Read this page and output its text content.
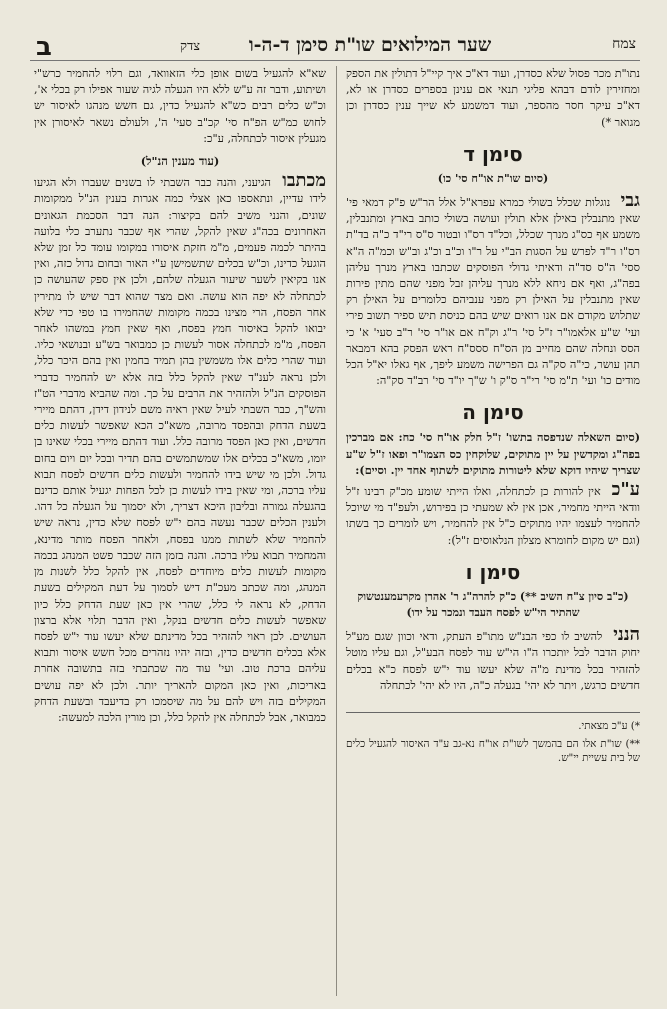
ב	שער המילואים שו"ת סימן ד-ה-ו	צמח
צדק

נתו"ת מכר פסול שלא כסדרן, ועוד דא"כ איך קיי"ל דתולין את הספק ומחזירין לודם דבהא פליגי תנאי אם ענינן בספרים כסדרן או לא, דא"כ עיקר חסר מהספר, ועוד דמשמע לא שייך ענין כסדרן וכן מגואר *)

סימן ד
(סיום שו"ת או"ח סי' כו)

גבי נוגלות שכלל בשולי כמרא עפרא"ל אלל הר"ש פ"ק דמאי פי' שאין מתנבלין באילן אלא תולין ועושה בשולי כותב בארץ ומתנבלין, משמע אף כס"ג מנרך שכלל, וכל"ד רס"ו ובטור ס"ס רי"ד כ"ה בד"ת רס"ו ר"ד לפרש על הסגות הב"י על ר"ו וכ"ב וכ"ג וב"ש וכמ"ה ה"א ססי' ה"ס סד"ה ודאיתי גדולי הפוסקים שכתבו בארץ מנרך עליהן בפה"ג, ואף אם ניחא ללא מנרך עליהן זבל מפני שהם מתין פירות שאין מתנבלין על האילן רק מפני ענביהם כלומרים על האילן רק שתלוש מקודם אם אנו רואים שיש בהם כניסת תיש ספיר תשוב פירי ועי' ש"ע אלאמו"ר ז"ל סי' ר"ג וק"ח אם או"ר סי' ר"ב סעי' א' כי הסס ונחלה שהם מחייב מן הס"ח ססס"ח ראש הפסק בהא דמבאר תהן עושר, כי"ה סק"ה גם הפרישה משמע ליפך, אף גאלו יא"ל הכל מודים כו' ועי' ת"מ סי' רי"ר ס"ק ו' ש"ך יו"ד סי' רב"ד סק"ה:

סימן ה

(סיום השאלה שנדפסה בתשו' ז"ל חלק או"ח סי' כח: אם מברכין בפה"ג ומקדשין על יין מתוקים, שלוקחין כס הצמו"ר ופאו ז"ל ש"ע שצריך שיהיו דוקא שלא ליטורות מתוקים לשתוף אחד יין. וסיים):

ע"כ אין להורות כן לכתחלה, ואלו הייתי שומע מכ"ק רבינו ז"ל וודאי הייתי מחמיר, אכן אין לא שמעתי כן בפירוש, ולעפ"ד מי שיוכל להחמיר לעצמו יהיו מתוקים כ"ל אין להחמיר, ויש לומרים כך בשתו (וגם יש מקום לחומרא מצלון הנלאוסים ז"ל):

סימן ו
(כ"ב סיון צ"ח השיב **) כ"ק להרה"ג ר' אהרן מקרעמענטשוק שהתיר הי"ש לפסח העבד ונמכר על ידו)

הנני להשיב לו כפי הבנ"ש מתו"פ העתק, ודאי וכוון שגם מע"ל יחוק הדבר לבל יותכרו ה"ו הי"ש עוד לפסח הבע"ל, וגם עליו מוטל להזהיר בכל מדינת מ"ה שלא יעשו עוד י"ש לפסח כ"א בכלים חדשים כרגש, ויתר לא יהי' בגעלה כ"ה, היו לא יהי' לכתחלה

*) ע"כ מצאתי.

**) שו"ת אלו הם בהמשך לשו"ת או"ח נא-גב ע"ד האיסור להגעיל כלים של בית עשיית יי"ש.

שא"א להגעיל בשום אופן כלי הזאוואד, וגם רלוי להחמיר כרש"י ושיתוע, ודבר זה ע"ש ללא היו הגעלה לגיה שעור אפילו רק בכלי א', וכ"ש כלים רבים כש"א להגעיל כדין, גם חשש מנהגו לאיסור יש לחוש כמ"ש הפ"ח סי' קכ"ב סעי' ה', ולעולם נשאר לאיסורן אין מגעלין איסור לכתחלה, ע"כ:

(עוד מענין הנ"ל)

מכתבו הגיעני, והנה כבר השבתי לו בשנים שעברו ולא הגיעו לידו עדיין, ונתאספו כאן אצלי כמה אגרות בענין הנ"ל ממקומות שונים, והנני משיב להם בקיצור: הנה דבר הסכמת הגאונים האחרונים בכה"ג שאין להקל, שהרי אף שכבר נתערב כלי בלועה בהיתר לכמה פעמים, מ"מ חזקת איסורו במקומו עומד כל זמן שלא הוגעל כדינו, וכ"ש בכלים שתשמישן ע"י האור ובחום גדול כזה, ואין אנו בקיאין לשער שיעור הגעלה שלהם, ולכן אין ספק שהעושה כן לכתחלה לא יפה הוא עושה. ואם מצד שהוא דבר שיש לו מתירין אחר הפסח, הרי מצינו בכמה מקומות שהחמירו בו טפי כדי שלא יבואו להקל באיסור חמץ בפסח, ואף שאין חמץ במשהו לאחר הפסח, מ"מ לכתחלה אסור לעשות כן כמבואר בש"ע ובנושאי כליו. ועוד שהרי כלים אלו משמשין בהן תמיד בחמין ואין בהם היכר כלל, ולכן נראה לענ"ד שאין להקל כלל בזה אלא יש להחמיר כדברי הפוסקים הנ"ל ולהזהיר את הרבים על כך. ומה שהביא מדברי הט"ז והש"ך, כבר השבתי לעיל שאין ראיה משם לנידון דידן, דהתם מיירי בשעת הדחק ובהפסד מרובה, משא"כ הכא שאפשר לעשות כלים חדשים, ואין כאן הפסד מרובה כלל. ועוד דהתם מיירי בכלי שאינו בן יומו, משא"כ בכלים אלו שמשתמשים בהם תדיר ובכל יום ויום בחום גדול. ולכן מי שיש בידו להחמיר ולעשות כלים חדשים לפסח תבוא עליו ברכה, ומי שאין בידו לעשות כן לכל הפחות יגעיל אותם כדינם בהגעלה גמורה ובליבון היכא דצריך, ולא יסמוך על הגעלה כל דהו. ולענין הכלים שכבר נעשה בהם י"ש לפסח שלא כדין, נראה שיש להחמיר שלא לשתות ממנו בפסח, ולאחר הפסח מותר מדינא, והמחמיר תבוא עליו ברכה. והנה בזמן הזה שכבר פשט המנהג בכמה מקומות לעשות כלים מיוחדים לפסח, אין להקל כלל לשנות מן המנהג, ומה שכתב מעכ"ת דיש לסמוך על דעת המקילים בשעת הדחק, לא נראה לי כלל, שהרי אין כאן שעת הדחק כלל כיון שאפשר לעשות כלים חדשים בנקל, ואין הדבר תלוי אלא ברצון העושים. לכן ראוי להזהיר בכל מדינתם שלא יעשו עוד י"ש לפסח אלא בכלים חדשים כדין, ובזה יהיו נזהרים מכל חשש איסור ותבוא עליהם ברכת טוב. ועי' עוד מה שכתבתי בזה בתשובה אחרת באריכות, ואין כאן המקום להאריך יותר. ולכן לא יפה עושים המקילים בזה ויש להם על מה שיסמכו רק בדיעבד ובשעת הדחק כמבואר, אבל לכתחלה אין להקל כלל, וכן מורין הלכה למעשה:
